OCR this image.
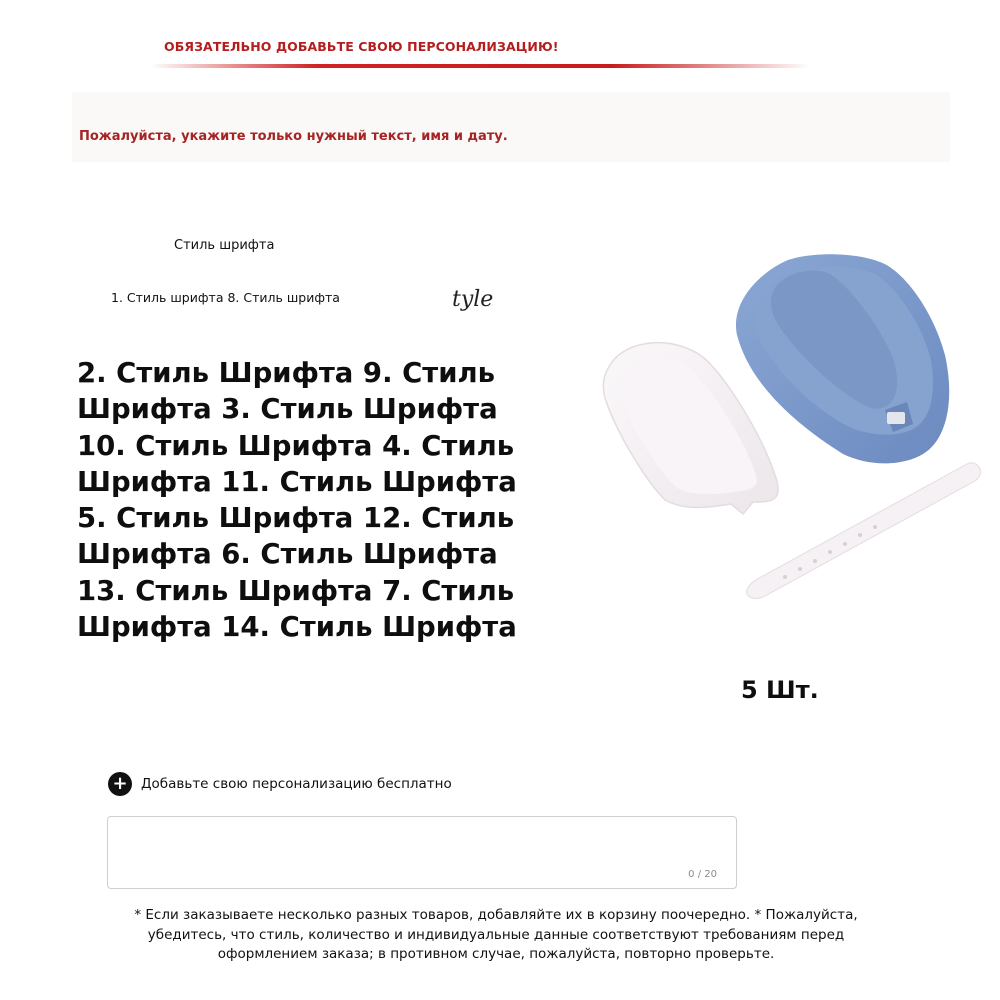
ОБЯЗАТЕЛЬНО ДОБАВЬТЕ СВОЮ ПЕРСОНАЛИЗАЦИЮ!
Пожалуйста, укажите только нужный текст, имя и дату.
Стиль шрифта
1. Стиль шрифта 8. Стиль шрифта	tyle
2. Стиль Шрифта 9. Стиль Шрифта 3. Стиль Шрифта 10. Стиль Шрифта 4. Стиль Шрифта 11. Стиль Шрифта 5. Стиль Шрифта 12. Стиль Шрифта 6. Стиль Шрифта 13. Стиль Шрифта 7. Стиль Шрифта 14. Стиль Шрифта
5 Шт.
+ Добавьте свою персонализацию бесплатно
0 / 20
* Если заказываете несколько разных товаров, добавляйте их в корзину поочередно. * Пожалуйста, убедитесь, что стиль, количество и индивидуальные данные соответствуют требованиям перед оформлением заказа; в противном случае, пожалуйста, повторно проверьте.
